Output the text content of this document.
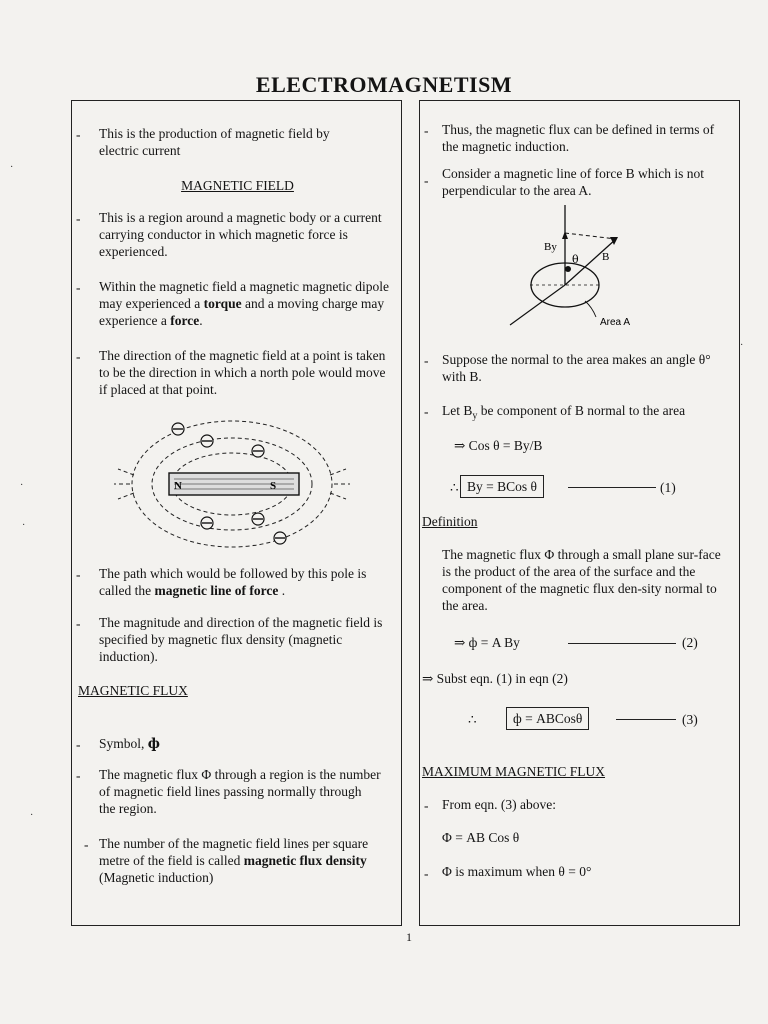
ELECTROMAGNETISM
- This is the production of magnetic field by electric current
MAGNETIC FIELD
- This is a region around a magnetic body or a current carrying conductor in which magnetic force is experienced.
- Within the magnetic field a magnetic magnetic dipole may experienced a torque and a moving charge may experience a force.
- The direction of the magnetic field at a point is taken to be the direction in which a north pole would move if placed at that point.
N	S
- The path which would be followed by this pole is called the magnetic line of force .
- The magnitude and direction of the magnetic field is specified by magnetic flux density (magnetic induction).
MAGNETIC FLUX
- Symbol, ф
- The magnetic flux Φ through a region is the number of magnetic field lines passing normally through the region.
- The number of the magnetic field lines per square metre of the field is called magnetic flux density (Magnetic induction)
- Thus, the magnetic flux can be defined in terms of the magnetic induction.
- Consider a magnetic line of force B which is not perpendicular to the area A.
By
θ B
Area A
- Suppose the normal to the area makes an angle θ° with B.
- Let $B_y$ be component of B normal to the area
⇒ Cos θ = By/B
∴ By = BCos θ	(1)
Definition
The magnetic flux Φ through a small plane sur-face is the product of the area of the surface and the component of the magnetic flux den-sity normal to the area.
⇒ ф = A By	(2)
⇒ Subst eqn. (1) in eqn (2)
∴	ф = ABCosθ	(3)
MAXIMUM MAGNETIC FLUX
- From eqn. (3) above:
Φ = AB Cos θ
- Φ is maximum when θ = 0°
1
·
·
·
·
·
